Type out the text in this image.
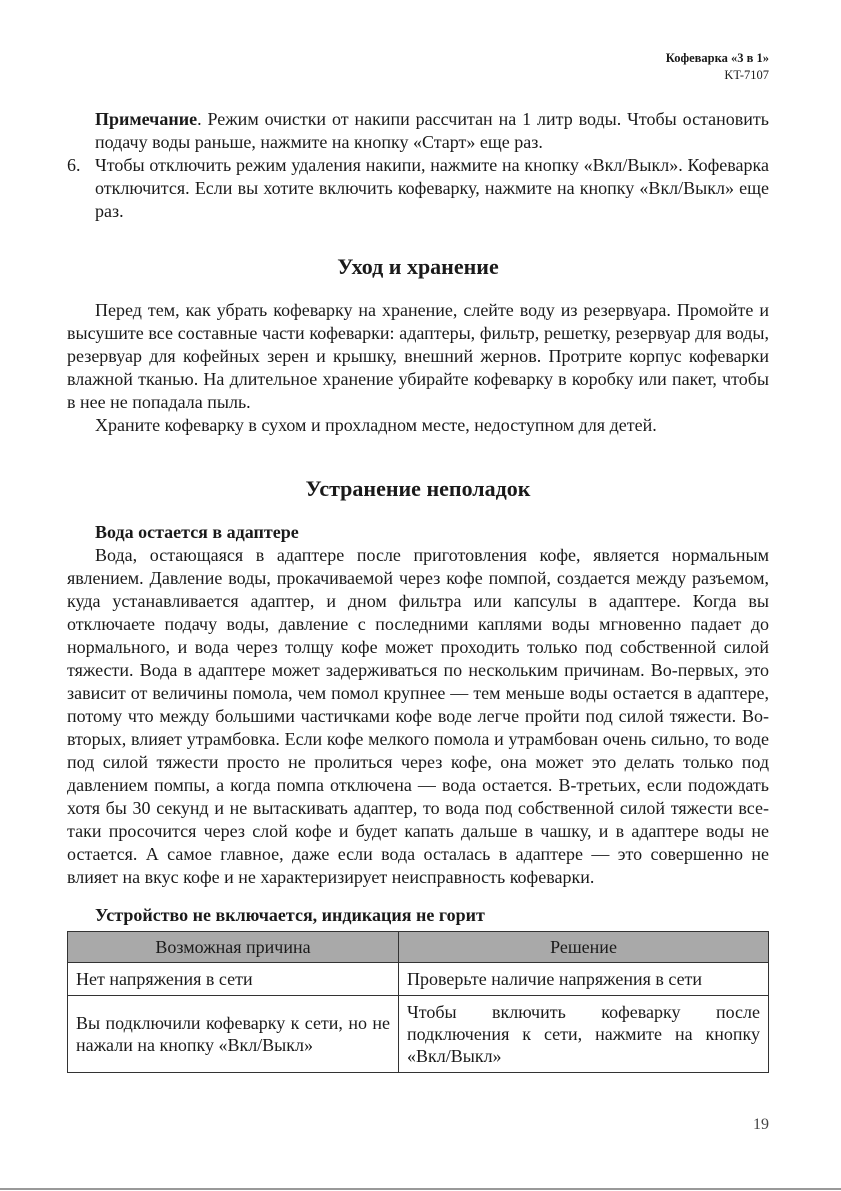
Кофеварка «3 в 1»
KT-7107

Примечание. Режим очистки от накипи рассчитан на 1 литр воды. Чтобы остановить подачу воды раньше, нажмите на кнопку «Старт» еще раз.

6. Чтобы отключить режим удаления накипи, нажмите на кнопку «Вкл/Выкл». Кофеварка отключится. Если вы хотите включить кофеварку, нажмите на кнопку «Вкл/Выкл» еще раз.
Уход и хранение

Перед тем, как убрать кофеварку на хранение, слейте воду из резервуара. Промойте и высушите все составные части кофеварки: адаптеры, фильтр, решетку, резервуар для воды, резервуар для кофейных зерен и крышку, внешний жернов. Протрите корпус кофеварки влажной тканью. На длительное хранение убирайте кофеварку в коробку или пакет, чтобы в нее не попадала пыль.

Храните кофеварку в сухом и прохладном месте, недоступном для детей.

Устранение неполадок
Вода остается в адаптере

Вода, остающаяся в адаптере после приготовления кофе, является нормальным явлением. Давление воды, прокачиваемой через кофе помпой, создается между разъемом, куда устанавливается адаптер, и дном фильтра или капсулы в адаптере. Когда вы отключаете подачу воды, давление с последними каплями воды мгновенно падает до нормального, и вода через толщу кофе может проходить только под собственной силой тяжести. Вода в адаптере может задерживаться по нескольким причинам. Во-первых, это зависит от величины помола, чем помол крупнее — тем меньше воды остается в адаптере, потому что между большими частичками кофе воде легче пройти под силой тяжести. Во-вторых, влияет утрамбовка. Если кофе мелкого помола и утрамбован очень сильно, то воде под силой тяжести просто не пролиться через кофе, она может это делать только под давлением помпы, а когда помпа отключена — вода остается. В-третьих, если подождать хотя бы 30 секунд и не вытаскивать адаптер, то вода под собственной силой тяжести все-таки просочится через слой кофе и будет капать дальше в чашку, и в адаптере воды не остается. А самое главное, даже если вода осталась в адаптере — это совершенно не влияет на вкус кофе и не характеризирует неисправность кофеварки.

Устройство не включается, индикация не горит
Возможная причина	Решение
Нет напряжения в сети	Проверьте наличие напряжения в сети
Вы подключили кофеварку к сети, но не нажали на кнопку «Вкл/Выкл»	Чтобы включить кофеварку после подключения к сети, нажмите на кнопку «Вкл/Выкл»
19
